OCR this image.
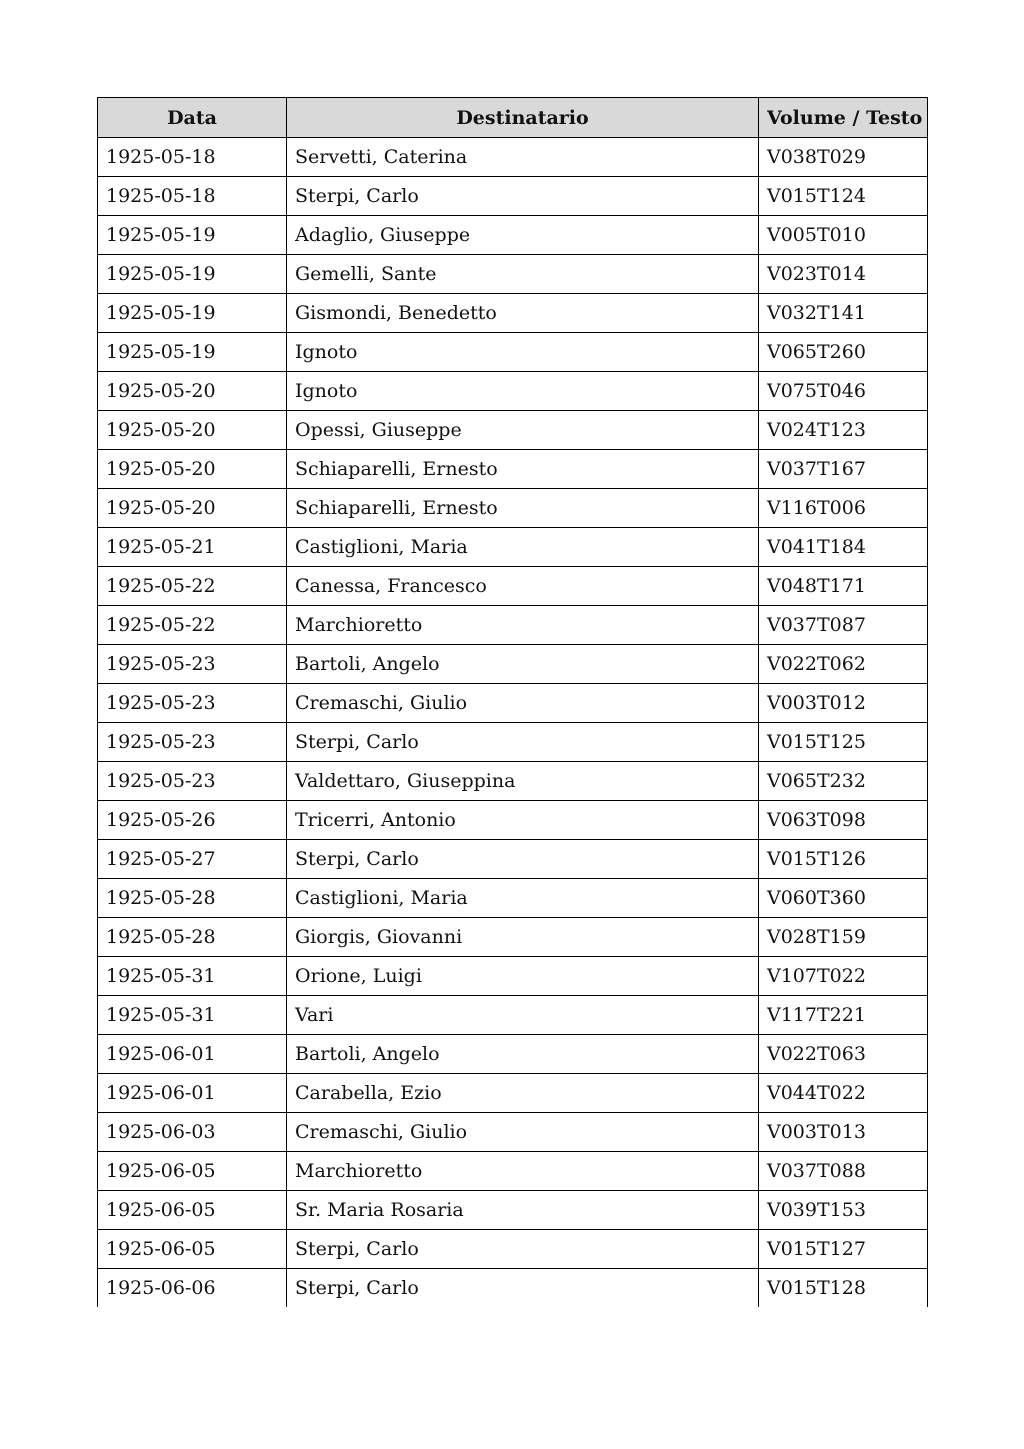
Data	Destinatario	Volume / Testo
1925-05-18	Servetti, Caterina	V038T029
1925-05-18	Sterpi, Carlo	V015T124
1925-05-19	Adaglio, Giuseppe	V005T010
1925-05-19	Gemelli, Sante	V023T014
1925-05-19	Gismondi, Benedetto	V032T141
1925-05-19	Ignoto	V065T260
1925-05-20	Ignoto	V075T046
1925-05-20	Opessi, Giuseppe	V024T123
1925-05-20	Schiaparelli, Ernesto	V037T167
1925-05-20	Schiaparelli, Ernesto	V116T006
1925-05-21	Castiglioni, Maria	V041T184
1925-05-22	Canessa, Francesco	V048T171
1925-05-22	Marchioretto	V037T087
1925-05-23	Bartoli, Angelo	V022T062
1925-05-23	Cremaschi, Giulio	V003T012
1925-05-23	Sterpi, Carlo	V015T125
1925-05-23	Valdettaro, Giuseppina	V065T232
1925-05-26	Tricerri, Antonio	V063T098
1925-05-27	Sterpi, Carlo	V015T126
1925-05-28	Castiglioni, Maria	V060T360
1925-05-28	Giorgis, Giovanni	V028T159
1925-05-31	Orione, Luigi	V107T022
1925-05-31	Vari	V117T221
1925-06-01	Bartoli, Angelo	V022T063
1925-06-01	Carabella, Ezio	V044T022
1925-06-03	Cremaschi, Giulio	V003T013
1925-06-05	Marchioretto	V037T088
1925-06-05	Sr. Maria Rosaria	V039T153
1925-06-05	Sterpi, Carlo	V015T127
1925-06-06	Sterpi, Carlo	V015T128
